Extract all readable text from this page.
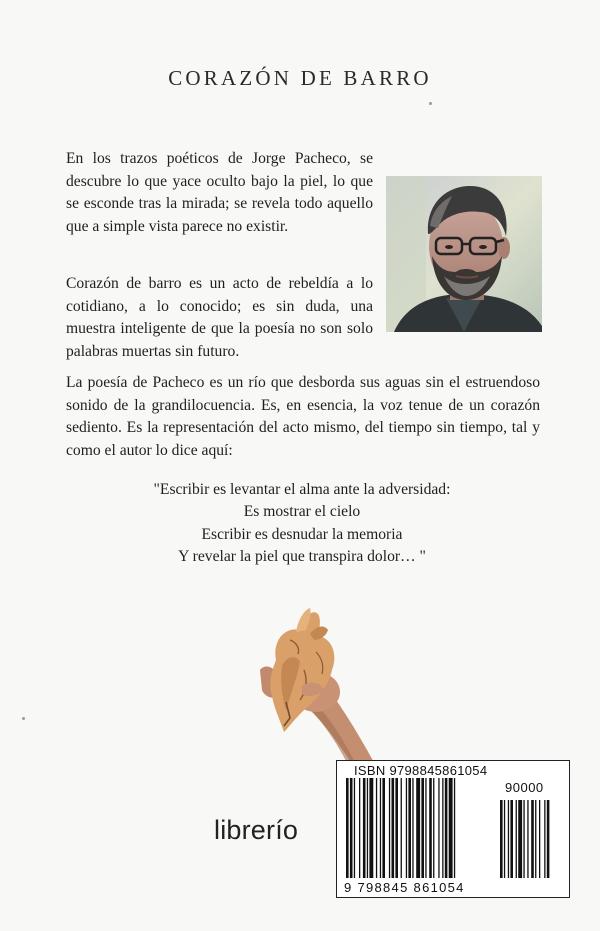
CORAZÓN DE BARRO

En los trazos poéticos de Jorge Pacheco, se descubre lo que yace oculto bajo la piel, lo que se esconde tras la mirada; se revela todo aquello que a simple vista parece no existir.

Corazón de barro es un acto de rebeldía a lo cotidiano, a lo conocido; es sin duda, una muestra inteligente de que la poesía no son solo palabras muertas sin futuro.

La poesía de Pacheco es un río que desborda sus aguas sin el estruendoso sonido de la grandilocuencia. Es, en esencia, la voz tenue de un corazón sediento. Es la representación del acto mismo, del tiempo sin tiempo, tal y como el autor lo dice aquí:

"Escribir es levantar el alma ante la adversidad:
Es mostrar el cielo
Escribir es desnudar la memoria
Y revelar la piel que transpira dolor… "
librerío
ISBN 9798845861054
90000
9 798845 861054
